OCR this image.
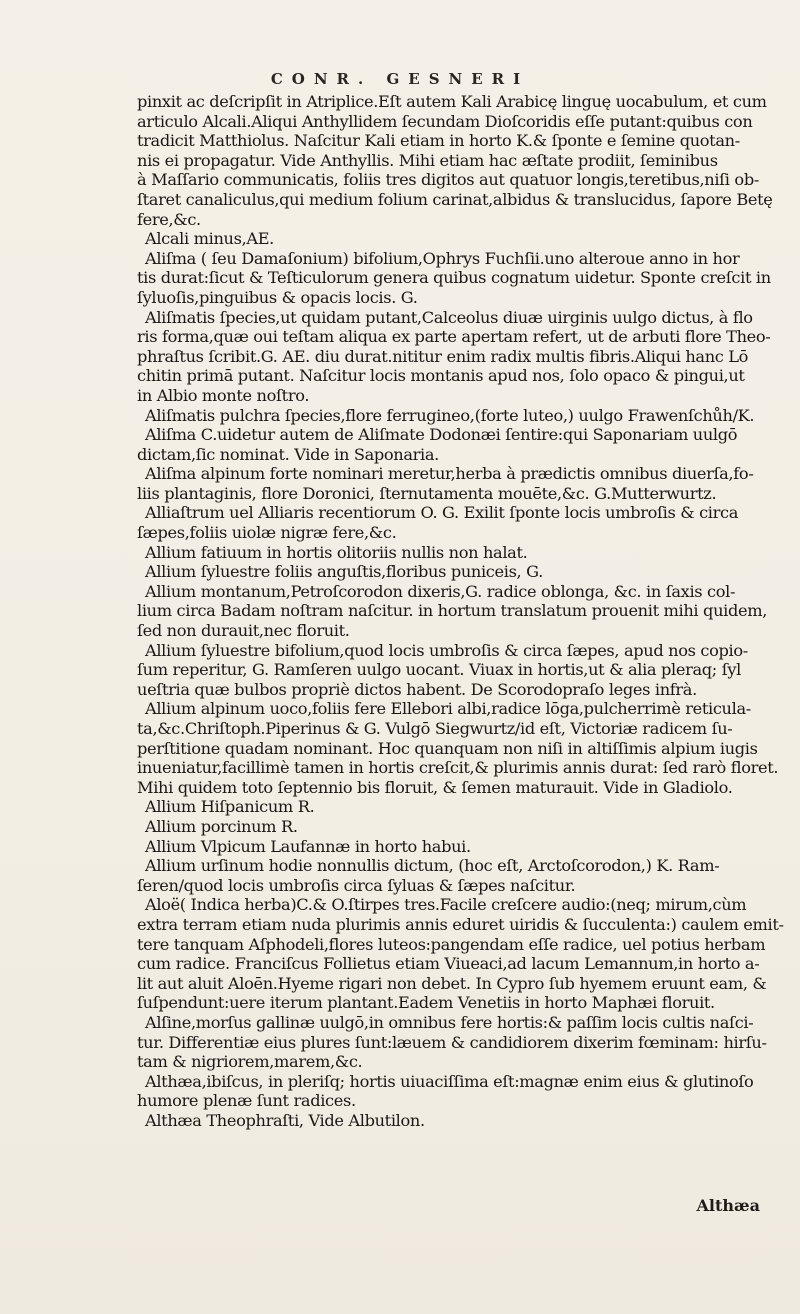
CONR. GESNERI
pinxit ac deſcripſit in Atriplice.Eſt autem Kali Arabicę linguę uocabulum, et cum
articulo Alcali.Aliqui Anthyllidem ſecundam Dioſcoridis eſſe putant:quibus con
tradicit Matthiolus. Naſcitur Kali etiam in horto K.& ſponte e ſemine quotan-
nis ei propagatur. Vide Anthyllis. Mihi etiam hac æſtate prodiit, ſeminibus
à Maſſario communicatis, foliis tres digitos aut quatuor longis,teretibus,niſi ob-
ſtaret canaliculus,qui medium folium carinat,albidus & translucidus, ſapore Betę
fere,&c.
Alcali minus,AE.
Aliſma ( ſeu Damaſonium) bifolium,Ophrys Fuchſii.uno alteroue anno in hor
tis durat:ſicut & Teſticulorum genera quibus cognatum uidetur. Sponte creſcit in
ſyluoſis,pinguibus & opacis locis. G.
Aliſmatis ſpecies,ut quidam putant,Calceolus diuæ uirginis uulgo dictus, à flo
ris forma,quæ oui teſtam aliqua ex parte apertam refert, ut de arbuti flore Theo-
phraſtus ſcribit.G. AE. diu durat.nititur enim radix multis fibris.Aliqui hanc Lō
chitin primā putant. Naſcitur locis montanis apud nos, ſolo opaco & pingui,ut
in Albio monte noſtro.
Aliſmatis pulchra ſpecies,flore ferrugineo,(forte luteo,) uulgo Frawenſchůh/K.
Aliſma C.uidetur autem de Aliſmate Dodonæi ſentire:qui Saponariam uulgō
dictam,ſic nominat. Vide in Saponaria.
Aliſma alpinum forte nominari meretur,herba à prædictis omnibus diuerſa,fo-
liis plantaginis, flore Doronici, ſternutamenta mouēte,&c. G.Mutterwurtz.
Alliaſtrum uel Alliaris recentiorum O. G. Exilit ſponte locis umbroſis & circa
ſæpes,foliis uiolæ nigræ fere,&c.
Allium fatiuum in hortis olitoriis nullis non halat.
Allium ſyluestre foliis anguſtis,floribus puniceis, G.
Allium montanum,Petroſcorodon dixeris,G. radice oblonga, &c. in ſaxis col-
lium circa Badam noſtram naſcitur. in hortum translatum prouenit mihi quidem,
ſed non durauit,nec floruit.
Allium ſyluestre bifolium,quod locis umbroſis & circa ſæpes, apud nos copio-
ſum reperitur, G. Ramſeren uulgo uocant. Viuax in hortis,ut & alia pleraq; ſyl
ueſtria quæ bulbos propriè dictos habent. De Scorodopraſo leges infrà.
Allium alpinum uoco,foliis fere Ellebori albi,radice lōga,pulcherrimè reticula-
ta,&c.Chriſtoph.Piperinus & G. Vulgō Siegwurtz/id eſt, Victoriæ radicem ſu-
perſtitione quadam nominant. Hoc quanquam non niſi in altiſſimis alpium iugis
inueniatur,facillimè tamen in hortis creſcit,& plurimis annis durat: ſed rarò floret.
Mihi quidem toto ſeptennio bis floruit, & ſemen maturauit. Vide in Gladiolo.
Allium Hiſpanicum R.
Allium porcinum R.
Allium Vlpicum Laufannæ in horto habui.
Allium urſinum hodie nonnullis dictum, (hoc eſt, Arctoſcorodon,) K. Ram-
ſeren/quod locis umbroſis circa ſyluas & ſæpes naſcitur.
Aloë( Indica herba)C.& O.ſtirpes tres.Facile creſcere audio:(neq; mirum,cùm
extra terram etiam nuda plurimis annis eduret uiridis & ſucculenta:) caulem emit-
tere tanquam Aſphodeli,flores luteos:pangendam eſſe radice, uel potius herbam
cum radice. Franciſcus Follietus etiam Viueaci,ad lacum Lemannum,in horto a-
lit aut aluit Aloēn.Hyeme rigari non debet. In Cypro ſub hyemem eruunt eam, &
ſuſpendunt:uere iterum plantant.Eadem Venetiis in horto Maphæi floruit.
Alſine,morſus gallinæ uulgō,in omnibus fere hortis:& paſſim locis cultis naſci-
tur. Differentiæ eius plures ſunt:læuem & candidiorem dixerim fœminam: hirſu-
tam & nigriorem,marem,&c.
Althæa,ibiſcus, in pleriſq; hortis uiuaciſſima eſt:magnæ enim eius & glutinoſo
humore plenæ ſunt radices.
Althæa Theophraſti, Vide Albutilon.
Althæa
